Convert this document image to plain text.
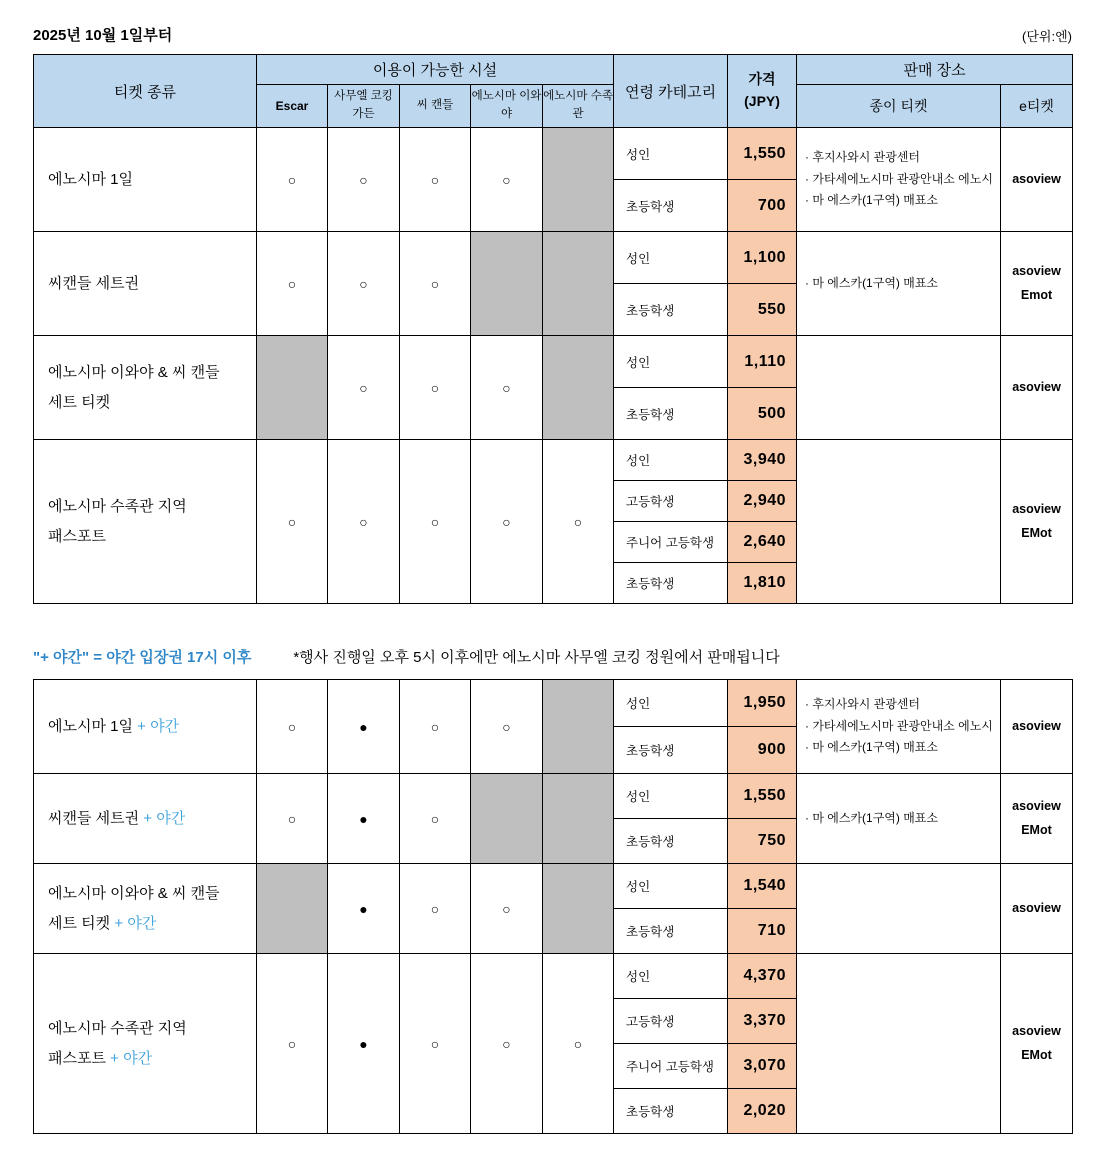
2025년 10월 1일부터	(단위:엔)
티켓 종류	이용이 가능한 시설					연령 카테고리	가격
(JPY)	판매 장소	
	Escar	사무엘 코킹 가든	씨 캔들	에노시마 이와야	에노시마 수족관			종이 티켓	e티켓
에노시마 1일	○	○	○	○		성인	1,550	· 후지사와시 관광센터
· 가타세에노시마 관광안내소 에노시
· 마 에스카(1구역) 매표소	asoview

						초등학생	700		
씨캔들 세트권	○	○	○			성인	1,100	· 마 에스카(1구역) 매표소	asoview
Emot

						초등학생	550		
에노시마 이와야 & 씨 캔들 세트 티켓		○	○	○		성인	1,110		asoview

						초등학생	500		
에노시마 수족관 지역 패스포트	○	○	○	○	○	성인	3,940		asoview
EMot

						고등학생	2,940		
						주니어 고등학생	2,640		
						초등학생	1,810		
"+ 야간" = 야간 입장권 17시 이후	*행사 진행일 오후 5시 이후에만 에노시마 사무엘 코킹 정원에서 판매됩니다
에노시마 1일 + 야간	○	●	○	○		성인	1,950	· 후지사와시 관광센터
· 가타세에노시마 관광안내소 에노시
· 마 에스카(1구역) 매표소	asoview

						초등학생	900		
씨캔들 세트권 + 야간	○	●	○			성인	1,550	· 마 에스카(1구역) 매표소	asoview
EMot

						초등학생	750		
에노시마 이와야 & 씨 캔들 세트 티켓 + 야간		●	○	○		성인	1,540		asoview

						초등학생	710		
에노시마 수족관 지역 패스포트 + 야간	○	●	○	○	○	성인	4,370		asoview
EMot

						고등학생	3,370		
						주니어 고등학생	3,070		
						초등학생	2,020		
